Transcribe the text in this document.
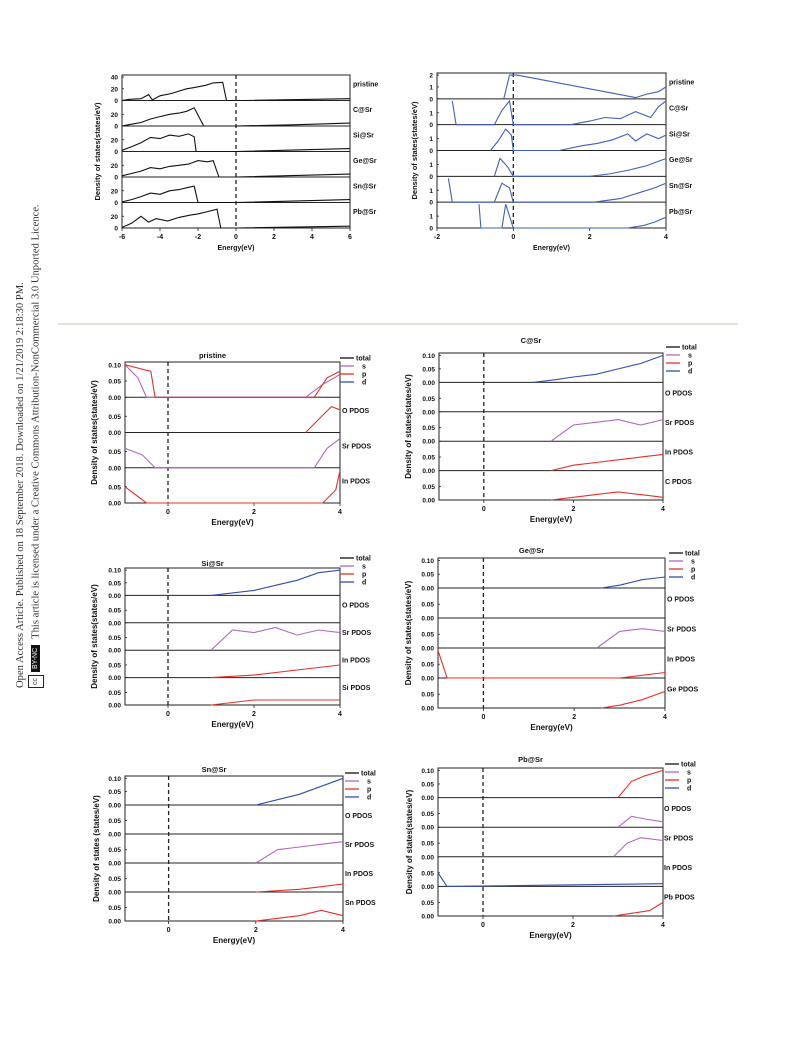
Open Access Article. Published on 18 September 2018. Downloaded on 1/21/2019 2:18:30 PM. ccBY-NCThis article is licensed under a Creative Commons Attribution-NonCommercial 3.0 Unported Licence.
pristine
0
20
40
C@Sr
0
20
Si@Sr
0
20
Ge@Sr
0
20
Sn@Sr
0
20
Pb@Sr
0
20
-6	-4	-2	0	2	4	6
Energy(eV)
Density of states(states/eV)
pristine
0
1
2
C@Sr
0
1
Si@Sr
0
1
Ge@Sr
0
1
Sn@Sr
0
1
Pb@Sr
0
1
-2	0	2	4
Energy(eV)
Density of states(states/eV)
0.00
0.05
0.10
O PDOS
0.00
0.05
Sr PDOS
0.00
0.05
In PDOS
0.00
0.05
0	2	4
Energy(eV)
Density of states(states/eV)
pristine	total
s
p
d	0.00
0.05
0.10
O PDOS
0.00
0.05
Sr PDOS
0.00
0.05
In PDOS
0.00
0.05
C PDOS
0.00
0.05
0	2	4
Energy(eV)
Density of states(states/eV)
C@Sr
total
s
p
d
0.00
0.05
0.10
O PDOS
0.00
0.05
Sr PDOS
0.00
0.05
In PDOS
0.00
0.05
Si PDOS
0.00
0.05
0	2	4
Energy(eV)
Density of states(states/eV)
Si@Sr	total
s
p
d
0.00
0.05
0.10
O PDOS
0.00
0.05
Sr PDOS
0.00
0.05
In PDOS
0.00
0.05
Ge PDOS
0.00
0.05
0	2	4
Energy(eV)
Density of states(states/eV)
Ge@Sr	total
s
p
d
0.00
0.05
0.10
O PDOS
0.00
0.05
Sr PDOS
0.00
0.05
In PDOS
0.00
0.05
Sn PDOS
0.00
0.05
0	2	4
Energy(eV)
Density of states (states/eV)
Sn@Sr	total
s
p
d	0.00
0.05
0.10
O PDOS
0.00
0.05
Sr PDOS
0.00
0.05
In PDOS
0.00
0.05
Pb PDOS
0.00
0.05
0	2	4
Energy(eV)
Density of states(states/eV)
Pb@Sr
total
s
p
d
